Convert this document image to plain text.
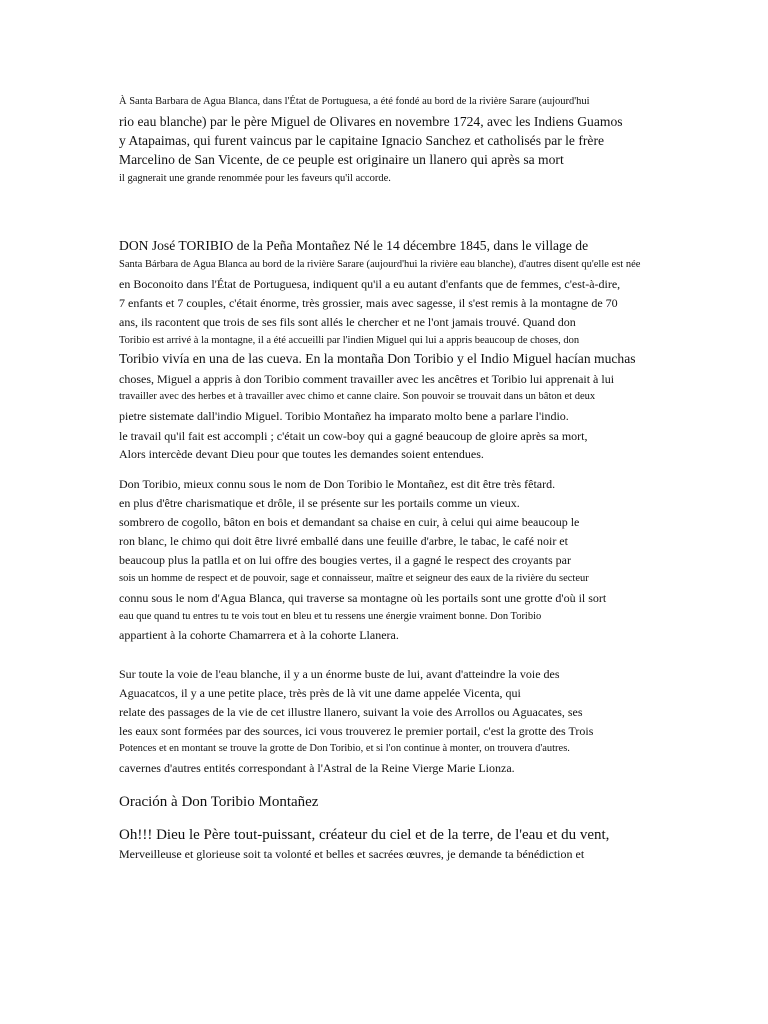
À Santa Barbara de Agua Blanca, dans l'État de Portuguesa, a été fondé au bord de la rivière Sarare (aujourd'hui
rio eau blanche) par le père Miguel de Olivares en novembre 1724, avec les Indiens Guamos
y Atapaimas, qui furent vaincus par le capitaine Ignacio Sanchez et catholisés par le frère
Marcelino de San Vicente, de ce peuple est originaire un llanero qui après sa mort
il gagnerait une grande renommée pour les faveurs qu'il accorde.
DON José TORIBIO de la Peña Montañez Né le 14 décembre 1845, dans le village de
Santa Bárbara de Agua Blanca au bord de la rivière Sarare (aujourd'hui la rivière eau blanche), d'autres disent qu'elle est née
en Boconoito dans l'État de Portuguesa, indiquent qu'il a eu autant d'enfants que de femmes, c'est-à-dire,
7 enfants et 7 couples, c'était énorme, très grossier, mais avec sagesse, il s'est remis à la montagne de 70
ans, ils racontent que trois de ses fils sont allés le chercher et ne l'ont jamais trouvé. Quand don
Toribio est arrivé à la montagne, il a été accueilli par l'indien Miguel qui lui a appris beaucoup de choses, don
Toribio vivía en una de las cueva. En la montaña Don Toribio y el Indio Miguel hacían muchas
choses, Miguel a appris à don Toribio comment travailler avec les ancêtres et Toribio lui apprenait à lui
travailler avec des herbes et à travailler avec chimo et canne claire. Son pouvoir se trouvait dans un bâton et deux
pietre sistemate dall'indio Miguel. Toribio Montañez ha imparato molto bene a parlare l'indio.
le travail qu'il fait est accompli ; c'était un cow-boy qui a gagné beaucoup de gloire après sa mort,
Alors intercède devant Dieu pour que toutes les demandes soient entendues.
Don Toribio, mieux connu sous le nom de Don Toribio le Montañez, est dit être très fêtard.
en plus d'être charismatique et drôle, il se présente sur les portails comme un vieux.
sombrero de cogollo, bâton en bois et demandant sa chaise en cuir, à celui qui aime beaucoup le
ron blanc, le chimo qui doit être livré emballé dans une feuille d'arbre, le tabac, le café noir et
beaucoup plus la patlla et on lui offre des bougies vertes, il a gagné le respect des croyants par
sois un homme de respect et de pouvoir, sage et connaisseur, maître et seigneur des eaux de la rivière du secteur
connu sous le nom d'Agua Blanca, qui traverse sa montagne où les portails sont une grotte d'où il sort
eau que quand tu entres tu te vois tout en bleu et tu ressens une énergie vraiment bonne. Don Toribio
appartient à la cohorte Chamarrera et à la cohorte Llanera.
Sur toute la voie de l'eau blanche, il y a un énorme buste de lui, avant d'atteindre la voie des
Aguacatcos, il y a une petite place, très près de là vit une dame appelée Vicenta, qui
relate des passages de la vie de cet illustre llanero, suivant la voie des Arrollos ou Aguacates, ses
les eaux sont formées par des sources, ici vous trouverez le premier portail, c'est la grotte des Trois
Potences et en montant se trouve la grotte de Don Toribio, et si l'on continue à monter, on trouvera d'autres.
cavernes d'autres entités correspondant à l'Astral de la Reine Vierge Marie Lionza.
Oración à Don Toribio Montañez
Oh!!! Dieu le Père tout-puissant, créateur du ciel et de la terre, de l'eau et du vent,
Merveilleuse et glorieuse soit ta volonté et belles et sacrées œuvres, je demande ta bénédiction et
